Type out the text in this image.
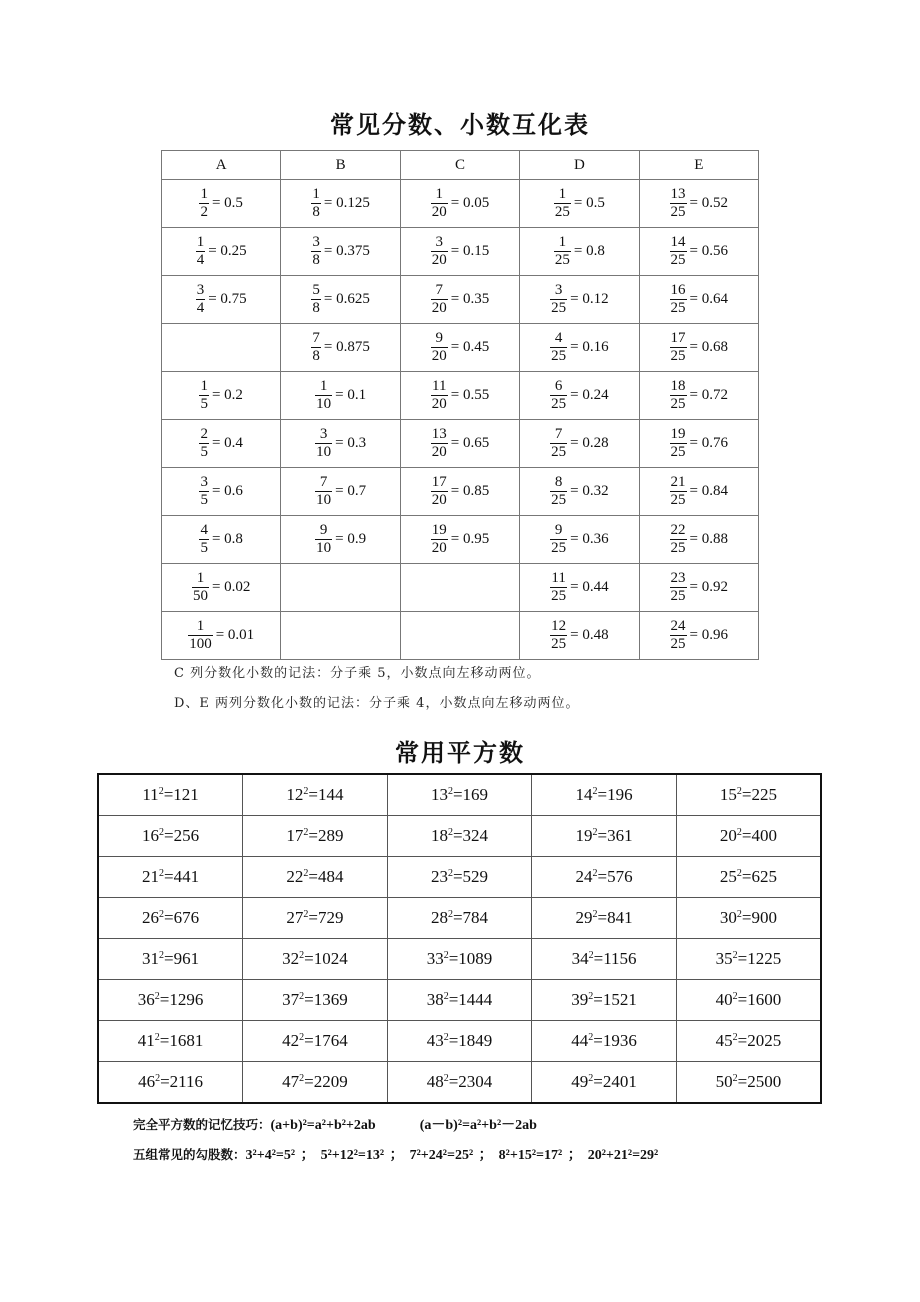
常见分数、小数互化表
A	B	C	D	E

$\frac{1}{2} = 0.5$	$\frac{1}{8} = 0.125$	$\frac{1}{20} = 0.05$	$\frac{1}{25} = 0.5$	$\frac{13}{25} = 0.52$

$\frac{1}{4} = 0.25$	$\frac{3}{8} = 0.375$	$\frac{3}{20} = 0.15$	$\frac{1}{25} = 0.8$	$\frac{14}{25} = 0.56$

$\frac{3}{4} = 0.75$	$\frac{5}{8} = 0.625$	$\frac{7}{20} = 0.35$	$\frac{3}{25} = 0.12$	$\frac{16}{25} = 0.64$

	$\frac{7}{8} = 0.875$	$\frac{9}{20} = 0.45$	$\frac{4}{25} = 0.16$	$\frac{17}{25} = 0.68$

$\frac{1}{5} = 0.2$	$\frac{1}{10} = 0.1$	$\frac{11}{20} = 0.55$	$\frac{6}{25} = 0.24$	$\frac{18}{25} = 0.72$

$\frac{2}{5} = 0.4$	$\frac{3}{10} = 0.3$	$\frac{13}{20} = 0.65$	$\frac{7}{25} = 0.28$	$\frac{19}{25} = 0.76$

$\frac{3}{5} = 0.6$	$\frac{7}{10} = 0.7$	$\frac{17}{20} = 0.85$	$\frac{8}{25} = 0.32$	$\frac{21}{25} = 0.84$

$\frac{4}{5} = 0.8$	$\frac{9}{10} = 0.9$	$\frac{19}{20} = 0.95$	$\frac{9}{25} = 0.36$	$\frac{22}{25} = 0.88$

$\frac{1}{50} = 0.02$			$\frac{11}{25} = 0.44$	$\frac{23}{25} = 0.92$

$\frac{1}{100} = 0.01$			$\frac{12}{25} = 0.48$	$\frac{24}{25} = 0.96$
C 列分数化小数的记法：分子乘 5，小数点向左移动两位。
D、E 两列分数化小数的记法：分子乘 4，小数点向左移动两位。
常用平方数
$11^2=121$	$12^2=144$	$13^2=169$	$14^2=196$	$15^2=225$
$16^2=256$	$17^2=289$	$18^2=324$	$19^2=361$	$20^2=400$
$21^2=441$	$22^2=484$	$23^2=529$	$24^2=576$	$25^2=625$
$26^2=676$	$27^2=729$	$28^2=784$	$29^2=841$	$30^2=900$
$31^2=961$	$32^2=1024$	$33^2=1089$	$34^2=1156$	$35^2=1225$
$36^2=1296$	$37^2=1369$	$38^2=1444$	$39^2=1521$	$40^2=1600$
$41^2=1681$	$42^2=1764$	$43^2=1849$	$44^2=1936$	$45^2=2025$
$46^2=2116$	$47^2=2209$	$48^2=2304$	$49^2=2401$	$50^2=2500$
完全平方数的记忆技巧：(a+b)²=a²+b²+2ab	(a－b)²=a²+b²－2ab
五组常见的勾股数：3²+4²=5² ； 5²+12²=13² ； 7²+24²=25² ； 8²+15²=17² ； 20²+21²=29²
